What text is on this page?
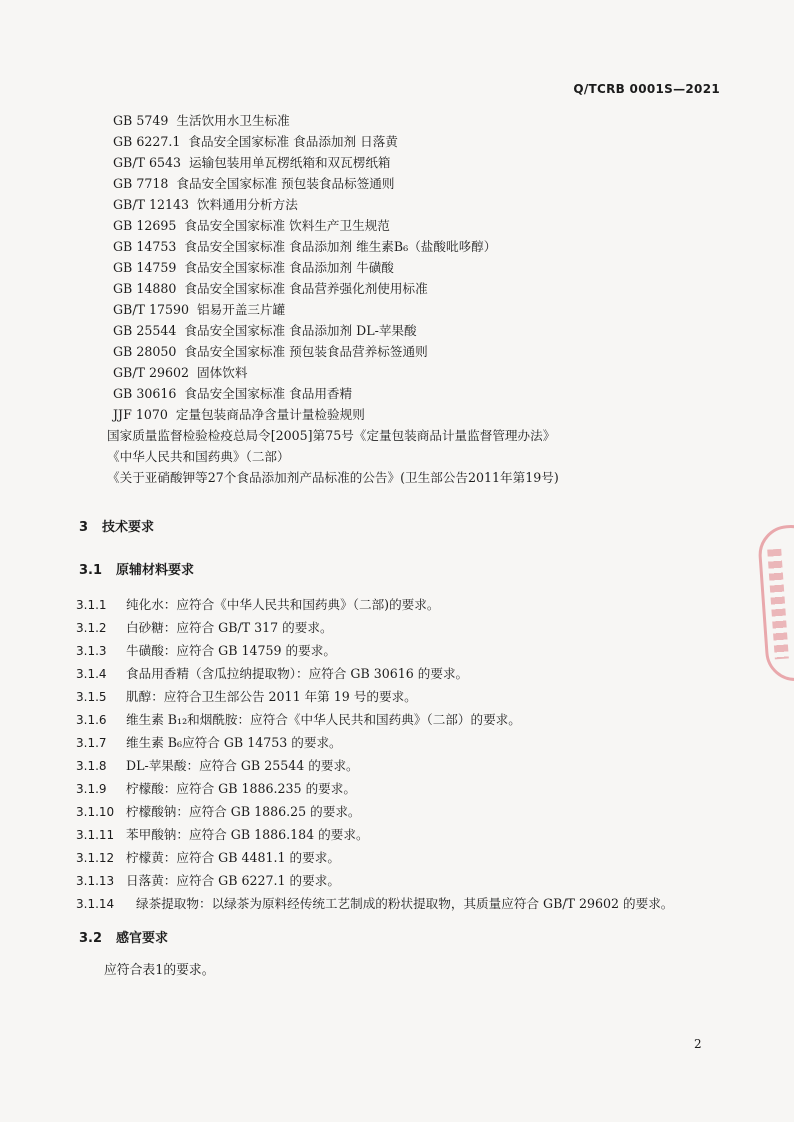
Q/TCRB 0001S—2021
GB 5749 生活饮用水卫生标准
GB 6227.1 食品安全国家标准 食品添加剂 日落黄
GB/T 6543 运输包装用单瓦楞纸箱和双瓦楞纸箱
GB 7718 食品安全国家标准 预包装食品标签通则
GB/T 12143 饮料通用分析方法
GB 12695 食品安全国家标准 饮料生产卫生规范
GB 14753 食品安全国家标准 食品添加剂 维生素B₆（盐酸吡哆醇）
GB 14759 食品安全国家标准 食品添加剂 牛磺酸
GB 14880 食品安全国家标准 食品营养强化剂使用标准
GB/T 17590 铝易开盖三片罐
GB 25544 食品安全国家标准 食品添加剂 DL-苹果酸
GB 28050 食品安全国家标准 预包装食品营养标签通则
GB/T 29602 固体饮料
GB 30616 食品安全国家标准 食品用香精
JJF 1070 定量包装商品净含量计量检验规则
国家质量监督检验检疫总局令[2005]第75号《定量包装商品计量监督管理办法》
《中华人民共和国药典》（二部）
《关于亚硝酸钾等27个食品添加剂产品标准的公告》(卫生部公告2011年第19号)
3 技术要求
3.1 原辅材料要求
3.1.1 纯化水：应符合《中华人民共和国药典》（二部)的要求。
3.1.2 白砂糖：应符合 GB/T 317 的要求。
3.1.3 牛磺酸：应符合 GB 14759 的要求。
3.1.4 食品用香精（含瓜拉纳提取物）：应符合 GB 30616 的要求。
3.1.5 肌醇：应符合卫生部公告 2011 年第 19 号的要求。
3.1.6 维生素 B₁₂和烟酰胺：应符合《中华人民共和国药典》（二部）的要求。
3.1.7 维生素 B₆应符合 GB 14753 的要求。
3.1.8 DL-苹果酸：应符合 GB 25544 的要求。
3.1.9 柠檬酸：应符合 GB 1886.235 的要求。
3.1.10 柠檬酸钠：应符合 GB 1886.25 的要求。
3.1.11 苯甲酸钠：应符合 GB 1886.184 的要求。
3.1.12 柠檬黄：应符合 GB 4481.1 的要求。
3.1.13 日落黄：应符合 GB 6227.1 的要求。
3.1.14 绿茶提取物：以绿茶为原料经传统工艺制成的粉状提取物，其质量应符合 GB/T 29602 的要求。
3.2 感官要求
应符合表1的要求。
2
